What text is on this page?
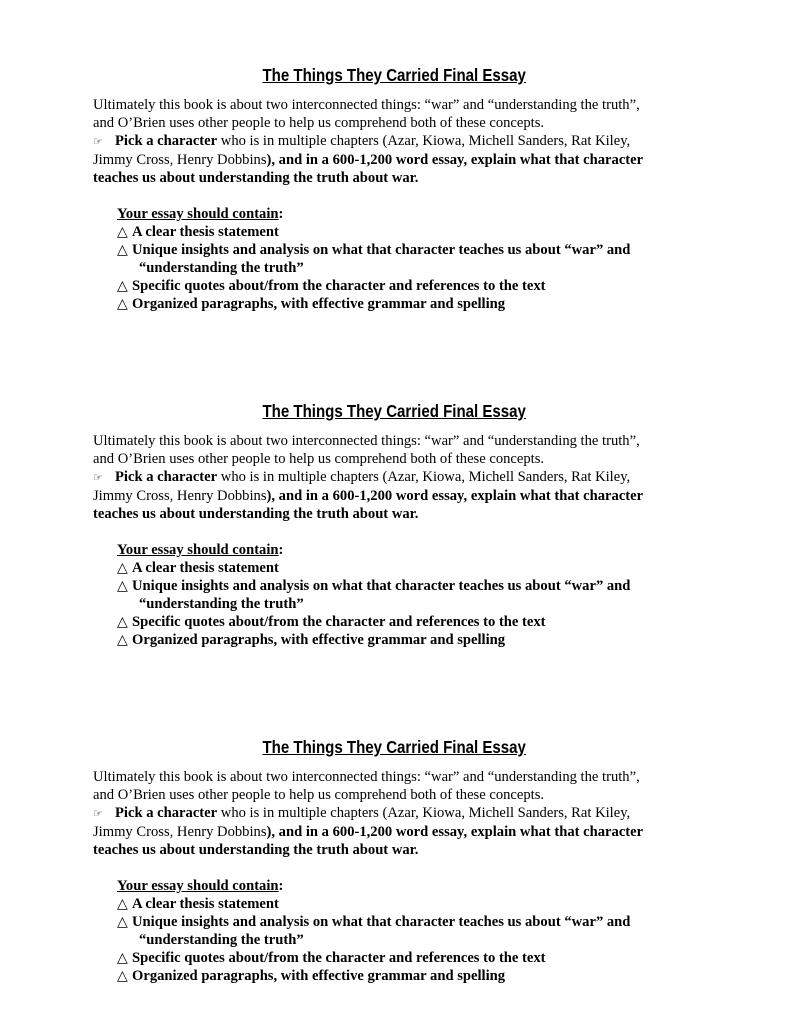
The Things They Carried Final Essay
Ultimately this book is about two interconnected things: “war” and “understanding the truth”,
and O’Brien uses other people to help us comprehend both of these concepts.
☞ Pick a character who is in multiple chapters (Azar, Kiowa, Michell Sanders, Rat Kiley,
Jimmy Cross, Henry Dobbins), and in a 600-1,200 word essay, explain what that character
teaches us about understanding the truth about war.
Your essay should contain:
△ A clear thesis statement
△ Unique insights and analysis on what that character teaches us about “war” and
“understanding the truth”
△ Specific quotes about/from the character and references to the text
△ Organized paragraphs, with effective grammar and spelling
The Things They Carried Final Essay
Ultimately this book is about two interconnected things: “war” and “understanding the truth”,
and O’Brien uses other people to help us comprehend both of these concepts.
☞ Pick a character who is in multiple chapters (Azar, Kiowa, Michell Sanders, Rat Kiley,
Jimmy Cross, Henry Dobbins), and in a 600-1,200 word essay, explain what that character
teaches us about understanding the truth about war.
Your essay should contain:
△ A clear thesis statement
△ Unique insights and analysis on what that character teaches us about “war” and
“understanding the truth”
△ Specific quotes about/from the character and references to the text
△ Organized paragraphs, with effective grammar and spelling
The Things They Carried Final Essay
Ultimately this book is about two interconnected things: “war” and “understanding the truth”,
and O’Brien uses other people to help us comprehend both of these concepts.
☞ Pick a character who is in multiple chapters (Azar, Kiowa, Michell Sanders, Rat Kiley,
Jimmy Cross, Henry Dobbins), and in a 600-1,200 word essay, explain what that character
teaches us about understanding the truth about war.
Your essay should contain:
△ A clear thesis statement
△ Unique insights and analysis on what that character teaches us about “war” and
“understanding the truth”
△ Specific quotes about/from the character and references to the text
△ Organized paragraphs, with effective grammar and spelling
